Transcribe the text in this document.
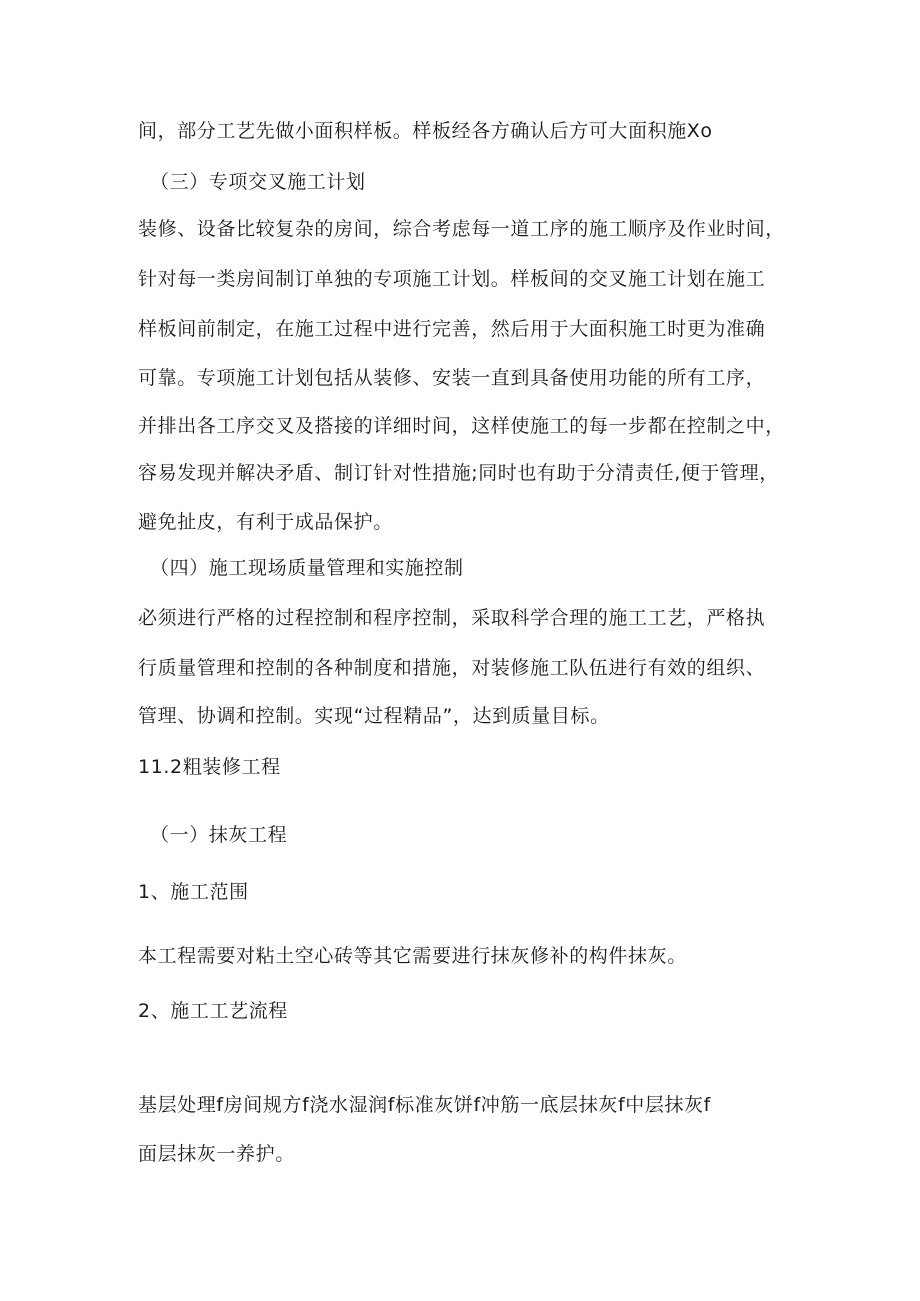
间，部分工艺先做小面积样板。样板经各方确认后方可大面积施Xo
（三）专项交叉施工计划
装修、设备比较复杂的房间，综合考虑每一道工序的施工顺序及作业时间，
针对每一类房间制订单独的专项施工计划。样板间的交叉施工计划在施工
样板间前制定，在施工过程中进行完善，然后用于大面积施工时更为准确
可靠。专项施工计划包括从装修、安装一直到具备使用功能的所有工序，
并排出各工序交叉及搭接的详细时间，这样使施工的每一步都在控制之中，
容易发现并解决矛盾、制订针对性措施;同时也有助于分清责任,便于管理，
避免扯皮，有利于成品保护。
（四）施工现场质量管理和实施控制
必须进行严格的过程控制和程序控制，采取科学合理的施工工艺，严格执
行质量管理和控制的各种制度和措施，对装修施工队伍进行有效的组织、
管理、协调和控制。实现“过程精品”，达到质量目标。
11.2粗装修工程
（一）抹灰工程
1、施工范围
本工程需要对粘土空心砖等其它需要进行抹灰修补的构件抹灰。
2、施工工艺流程
基层处理f房间规方f浇水湿润f标准灰饼f冲筋一底层抹灰f中层抹灰f
面层抹灰一养护。
